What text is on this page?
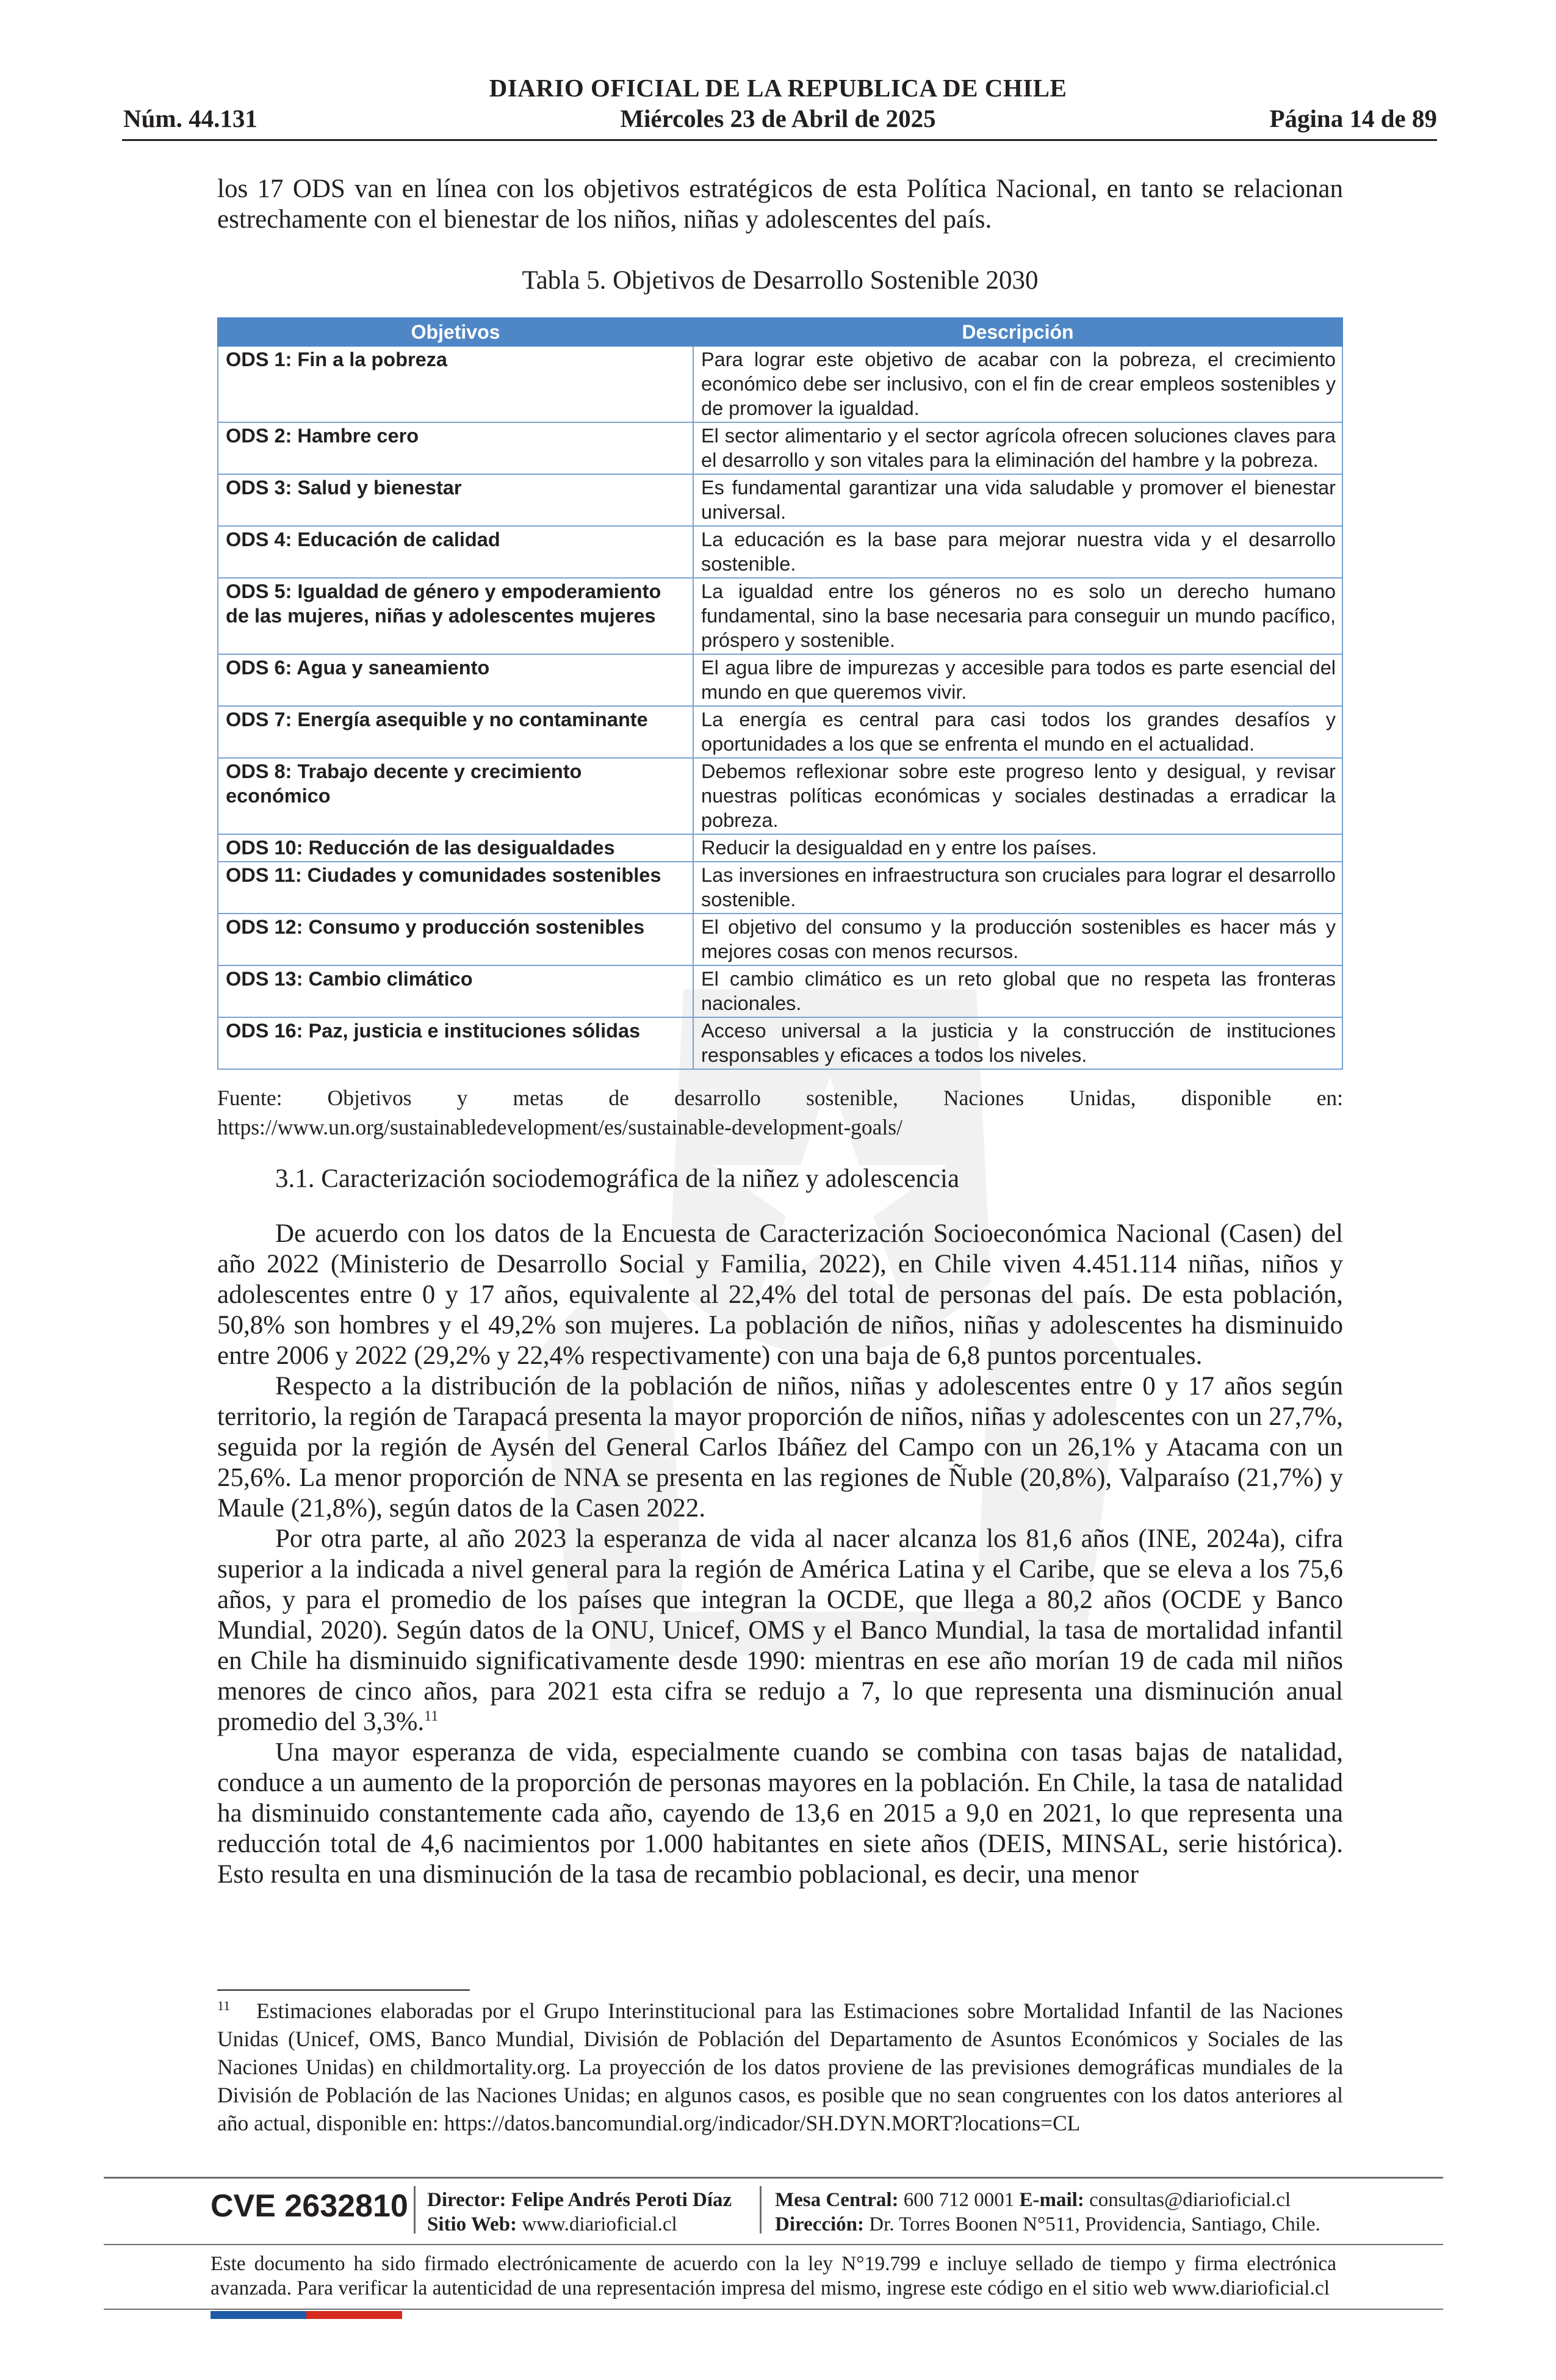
DIARIO OFICIAL DE LA REPUBLICA DE CHILE
Núm. 44.131	Miércoles 23 de Abril de 2025	Página 14 de 89

los 17 ODS van en línea con los objetivos estratégicos de esta Política Nacional, en tanto se relacionan estrechamente con el bienestar de los niños, niñas y adolescentes del país.

Tabla 5. Objetivos de Desarrollo Sostenible 2030
Objetivos	Descripción
ODS 1: Fin a la pobreza	Para lograr este objetivo de acabar con la pobreza, el crecimiento económico debe ser inclusivo, con el fin de crear empleos sostenibles y de promover la igualdad.
ODS 2: Hambre cero	El sector alimentario y el sector agrícola ofrecen soluciones claves para el desarrollo y son vitales para la eliminación del hambre y la pobreza.
ODS 3: Salud y bienestar	Es fundamental garantizar una vida saludable y promover el bienestar universal.
ODS 4: Educación de calidad	La educación es la base para mejorar nuestra vida y el desarrollo sostenible.
ODS 5: Igualdad de género y empoderamiento de las mujeres, niñas y adolescentes mujeres	La igualdad entre los géneros no es solo un derecho humano fundamental, sino la base necesaria para conseguir un mundo pacífico, próspero y sostenible.
ODS 6: Agua y saneamiento	El agua libre de impurezas y accesible para todos es parte esencial del mundo en que queremos vivir.
ODS 7: Energía asequible y no contaminante	La energía es central para casi todos los grandes desafíos y oportunidades a los que se enfrenta el mundo en el actualidad.
ODS 8: Trabajo decente y crecimiento económico	Debemos reflexionar sobre este progreso lento y desigual, y revisar nuestras políticas económicas y sociales destinadas a erradicar la pobreza.
ODS 10: Reducción de las desigualdades	Reducir la desigualdad en y entre los países.
ODS 11: Ciudades y comunidades sostenibles	Las inversiones en infraestructura son cruciales para lograr el desarrollo sostenible.
ODS 12: Consumo y producción sostenibles	El objetivo del consumo y la producción sostenibles es hacer más y mejores cosas con menos recursos.
ODS 13: Cambio climático	El cambio climático es un reto global que no respeta las fronteras nacionales.
ODS 16: Paz, justicia e instituciones sólidas	Acceso universal a la justicia y la construcción de instituciones responsables y eficaces a todos los niveles.

Fuente: Objetivos y metas de desarrollo sostenible, Naciones Unidas, disponible en: https://www.un.org/sustainabledevelopment/es/sustainable-development-goals/

3.1. Caracterización sociodemográfica de la niñez y adolescencia

De acuerdo con los datos de la Encuesta de Caracterización Socioeconómica Nacional (Casen) del año 2022 (Ministerio de Desarrollo Social y Familia, 2022), en Chile viven 4.451.114 niñas, niños y adolescentes entre 0 y 17 años, equivalente al 22,4% del total de personas del país. De esta población, 50,8% son hombres y el 49,2% son mujeres. La población de niños, niñas y adolescentes ha disminuido entre 2006 y 2022 (29,2% y 22,4% respectivamente) con una baja de 6,8 puntos porcentuales.

Respecto a la distribución de la población de niños, niñas y adolescentes entre 0 y 17 años según territorio, la región de Tarapacá presenta la mayor proporción de niños, niñas y adolescentes con un 27,7%, seguida por la región de Aysén del General Carlos Ibáñez del Campo con un 26,1% y Atacama con un 25,6%. La menor proporción de NNA se presenta en las regiones de Ñuble (20,8%), Valparaíso (21,7%) y Maule (21,8%), según datos de la Casen 2022.

Por otra parte, al año 2023 la esperanza de vida al nacer alcanza los 81,6 años (INE, 2024a), cifra superior a la indicada a nivel general para la región de América Latina y el Caribe, que se eleva a los 75,6 años, y para el promedio de los países que integran la OCDE, que llega a 80,2 años (OCDE y Banco Mundial, 2020). Según datos de la ONU, Unicef, OMS y el Banco Mundial, la tasa de mortalidad infantil en Chile ha disminuido significativamente desde 1990: mientras en ese año morían 19 de cada mil niños menores de cinco años, para 2021 esta cifra se redujo a 7, lo que representa una disminución anual promedio del 3,3%.$^{11}$

Una mayor esperanza de vida, especialmente cuando se combina con tasas bajas de natalidad, conduce a un aumento de la proporción de personas mayores en la población. En Chile, la tasa de natalidad ha disminuido constantemente cada año, cayendo de 13,6 en 2015 a 9,0 en 2021, lo que representa una reducción total de 4,6 nacimientos por 1.000 habitantes en siete años (DEIS, MINSAL, serie histórica). Esto resulta en una disminución de la tasa de recambio poblacional, es decir, una menor

$^{11}$ Estimaciones elaboradas por el Grupo Interinstitucional para las Estimaciones sobre Mortalidad Infantil de las Naciones Unidas (Unicef, OMS, Banco Mundial, División de Población del Departamento de Asuntos Económicos y Sociales de las Naciones Unidas) en childmortality.org. La proyección de los datos proviene de las previsiones demográficas mundiales de la División de Población de las Naciones Unidas; en algunos casos, es posible que no sean congruentes con los datos anteriores al año actual, disponible en: https://datos.bancomundial.org/indicador/SH.DYN.MORT?locations=CL
CVE 2632810 Director: Felipe Andrés Peroti Díaz
Sitio Web: www.diarioficial.cl
Mesa Central: 600 712 0001 E-mail: consultas@diarioficial.cl
Dirección: Dr. Torres Boonen N°511, Providencia, Santiago, Chile.
Este documento ha sido firmado electrónicamente de acuerdo con la ley N°19.799 e incluye sellado de tiempo y firma electrónica avanzada. Para verificar la autenticidad de una representación impresa del mismo, ingrese este código en el sitio web www.diarioficial.cl
